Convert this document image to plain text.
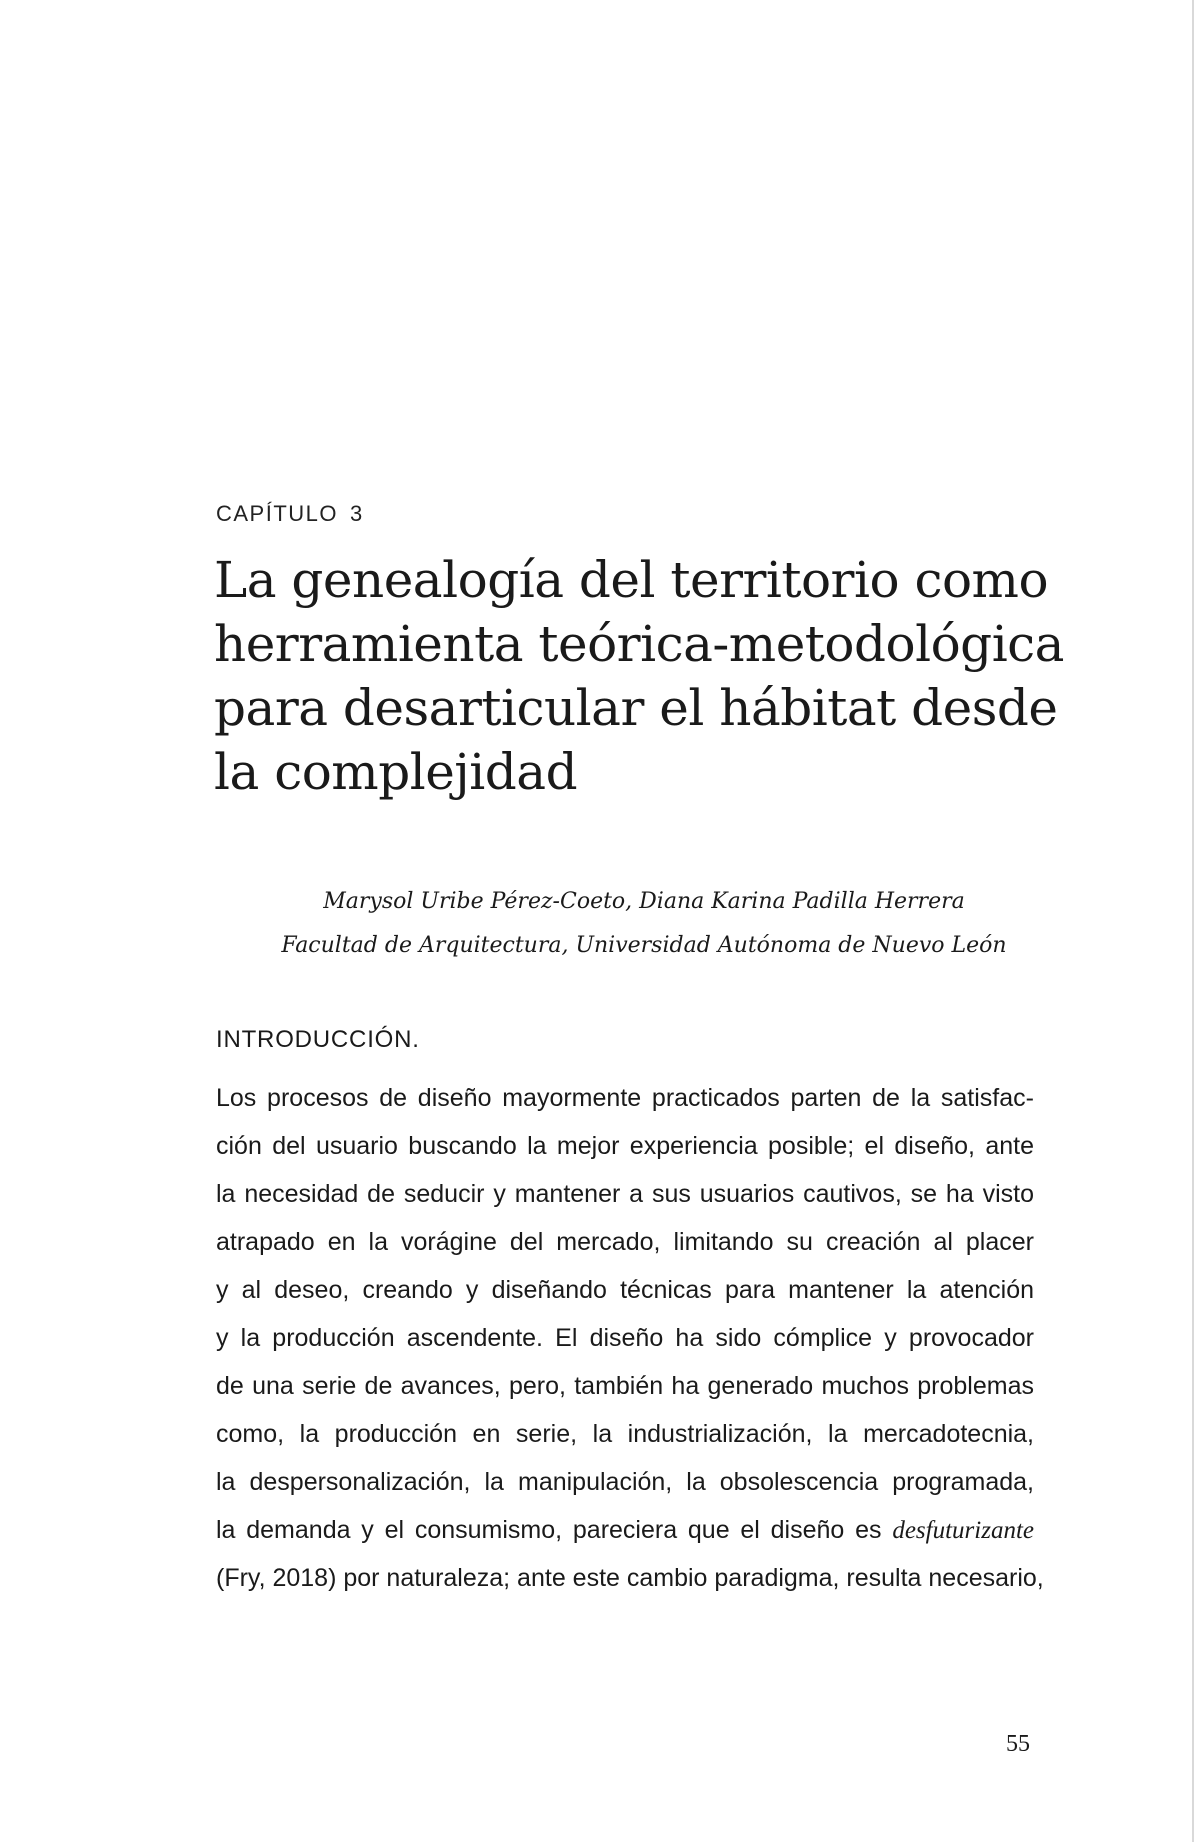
CAPÍTULO 3
La genealogía del territorio como
herramienta teórica-metodológica
para desarticular el hábitat desde
la complejidad
Marysol Uribe Pérez-Coeto, Diana Karina Padilla Herrera
Facultad de Arquitectura, Universidad Autónoma de Nuevo León
INTRODUCCIÓN.
Los procesos de diseño mayormente practicados parten de la satisfac-
ción del usuario buscando la mejor experiencia posible; el diseño, ante
la necesidad de seducir y mantener a sus usuarios cautivos, se ha visto
atrapado en la vorágine del mercado, limitando su creación al placer
y al deseo, creando y diseñando técnicas para mantener la atención
y la producción ascendente. El diseño ha sido cómplice y provocador
de una serie de avances, pero, también ha generado muchos problemas
como, la producción en serie, la industrialización, la mercadotecnia,
la despersonalización, la manipulación, la obsolescencia programada,
la demanda y el consumismo, pareciera que el diseño es desfuturizante
(Fry, 2018) por naturaleza; ante este cambio paradigma, resulta necesario,
55
